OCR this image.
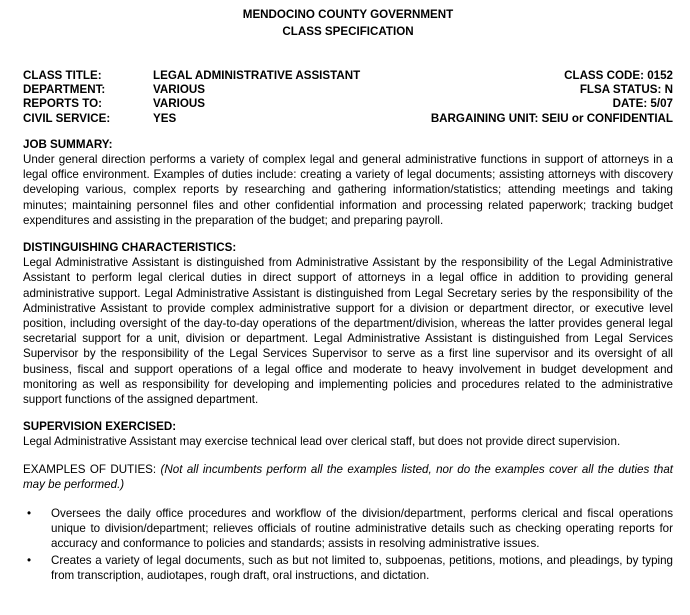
MENDOCINO COUNTY GOVERNMENT
CLASS SPECIFICATION
CLASS TITLE:	LEGAL ADMINISTRATIVE ASSISTANT	CLASS CODE: 0152
DEPARTMENT:	VARIOUS	FLSA STATUS: N
REPORTS TO:	VARIOUS	DATE: 5/07
CIVIL SERVICE:	YES	BARGAINING UNIT: SEIU or CONFIDENTIAL
JOB SUMMARY:

Under general direction performs a variety of complex legal and general administrative functions in support of attorneys in a legal office environment. Examples of duties include: creating a variety of legal documents; assisting attorneys with discovery developing various, complex reports by researching and gathering information/statistics; attending meetings and taking minutes; maintaining personnel files and other confidential information and processing related paperwork; tracking budget expenditures and assisting in the preparation of the budget; and preparing payroll.

DISTINGUISHING CHARACTERISTICS:

Legal Administrative Assistant is distinguished from Administrative Assistant by the responsibility of the Legal Administrative Assistant to perform legal clerical duties in direct support of attorneys in a legal office in addition to providing general administrative support. Legal Administrative Assistant is distinguished from Legal Secretary series by the responsibility of the Administrative Assistant to provide complex administrative support for a division or department director, or executive level position, including oversight of the day-to-day operations of the department/division, whereas the latter provides general legal secretarial support for a unit, division or department. Legal Administrative Assistant is distinguished from Legal Services Supervisor by the responsibility of the Legal Services Supervisor to serve as a first line supervisor and its oversight of all business, fiscal and support operations of a legal office and moderate to heavy involvement in budget development and monitoring as well as responsibility for developing and implementing policies and procedures related to the administrative support functions of the assigned department.

SUPERVISION EXERCISED:

Legal Administrative Assistant may exercise technical lead over clerical staff, but does not provide direct supervision.

EXAMPLES OF DUTIES: (Not all incumbents perform all the examples listed, nor do the examples cover all the duties that may be performed.)
• Oversees the daily office procedures and workflow of the division/department, performs clerical and fiscal operations unique to division/department; relieves officials of routine administrative details such as checking operating reports for accuracy and conformance to policies and standards; assists in resolving administrative issues.
• Creates a variety of legal documents, such as but not limited to, subpoenas, petitions, motions, and pleadings, by typing from transcription, audiotapes, rough draft, oral instructions, and dictation.
